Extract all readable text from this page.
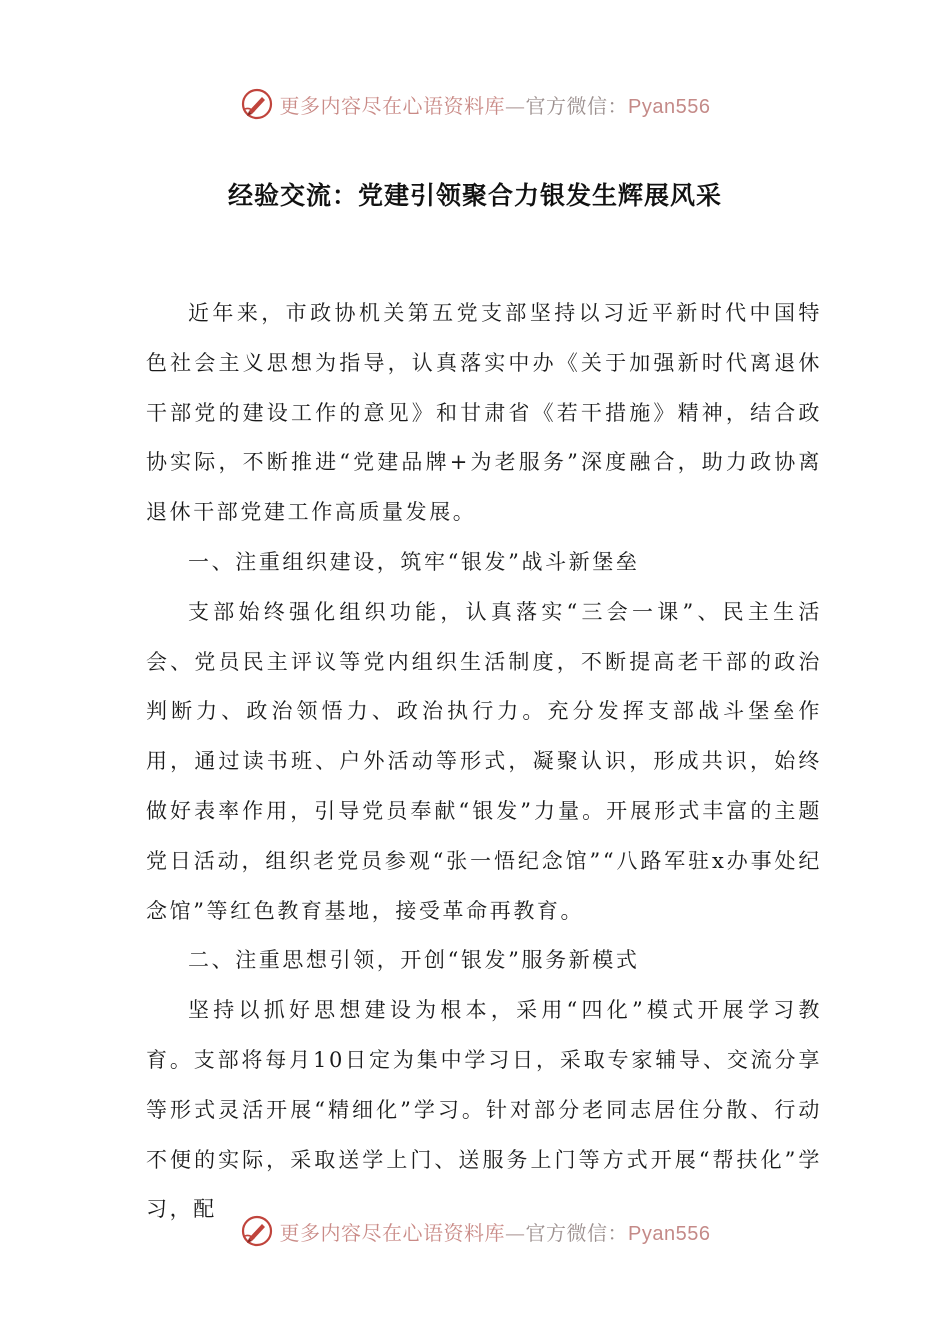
更多内容尽在心语资料库—官方微信：Pyan556
经验交流：党建引领聚合力银发生辉展风采

近年来，市政协机关第五党支部坚持以习近平新时代中国特色社会主义思想为指导，认真落实中办《关于加强新时代离退休干部党的建设工作的意见》和甘肃省《若干措施》精神，结合政协实际，不断推进“党建品牌+为老服务”深度融合，助力政协离退休干部党建工作高质量发展。

一、注重组织建设，筑牢“银发”战斗新堡垒

支部始终强化组织功能，认真落实“三会一课”、民主生活会、党员民主评议等党内组织生活制度，不断提高老干部的政治判断力、政治领悟力、政治执行力。充分发挥支部战斗堡垒作用，通过读书班、户外活动等形式，凝聚认识，形成共识，始终做好表率作用，引导党员奉献“银发”力量。开展形式丰富的主题党日活动，组织老党员参观“张一悟纪念馆”“八路军驻x办事处纪念馆”等红色教育基地，接受革命再教育。

二、注重思想引领，开创“银发”服务新模式

坚持以抓好思想建设为根本，采用“四化”模式开展学习教育。支部将每月10日定为集中学习日，采取专家辅导、交流分享等形式灵活开展“精细化”学习。针对部分老同志居住分散、行动不便的实际，采取送学上门、送服务上门等方式开展“帮扶化”学习，配

更多内容尽在心语资料库—官方微信：Pyan556
